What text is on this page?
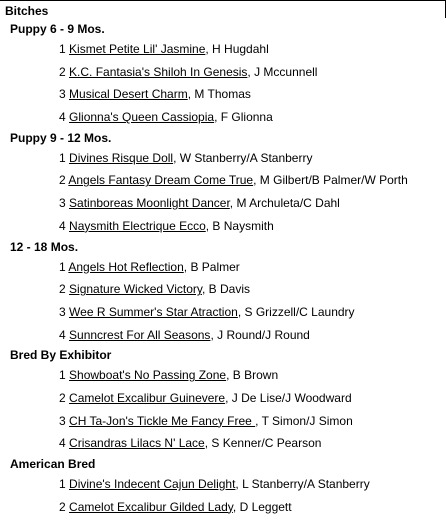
Bitches
Puppy 6 - 9 Mos.
1 Kismet Petite Lil' Jasmine, H Hugdahl
2 K.C. Fantasia's Shiloh In Genesis, J Mccunnell
3 Musical Desert Charm, M Thomas
4 Glionna's Queen Cassiopia, F Glionna
Puppy 9 - 12 Mos.
1 Divines Risque Doll, W Stanberry/A Stanberry
2 Angels Fantasy Dream Come True, M Gilbert/B Palmer/W Porth
3 Satinboreas Moonlight Dancer, M Archuleta/C Dahl
4 Naysmith Electrique Ecco, B Naysmith
12 - 18 Mos.
1 Angels Hot Reflection, B Palmer
2 Signature Wicked Victory, B Davis
3 Wee R Summer's Star Atraction, S Grizzell/C Laundry
4 Sunncrest For All Seasons, J Round/J Round
Bred By Exhibitor
1 Showboat's No Passing Zone, B Brown
2 Camelot Excalibur Guinevere, J De Lise/J Woodward
3 CH Ta-Jon's Tickle Me Fancy Free , T Simon/J Simon
4 Crisandras Lilacs N' Lace, S Kenner/C Pearson
American Bred
1 Divine's Indecent Cajun Delight, L Stanberry/A Stanberry
2 Camelot Excalibur Gilded Lady, D Leggett
